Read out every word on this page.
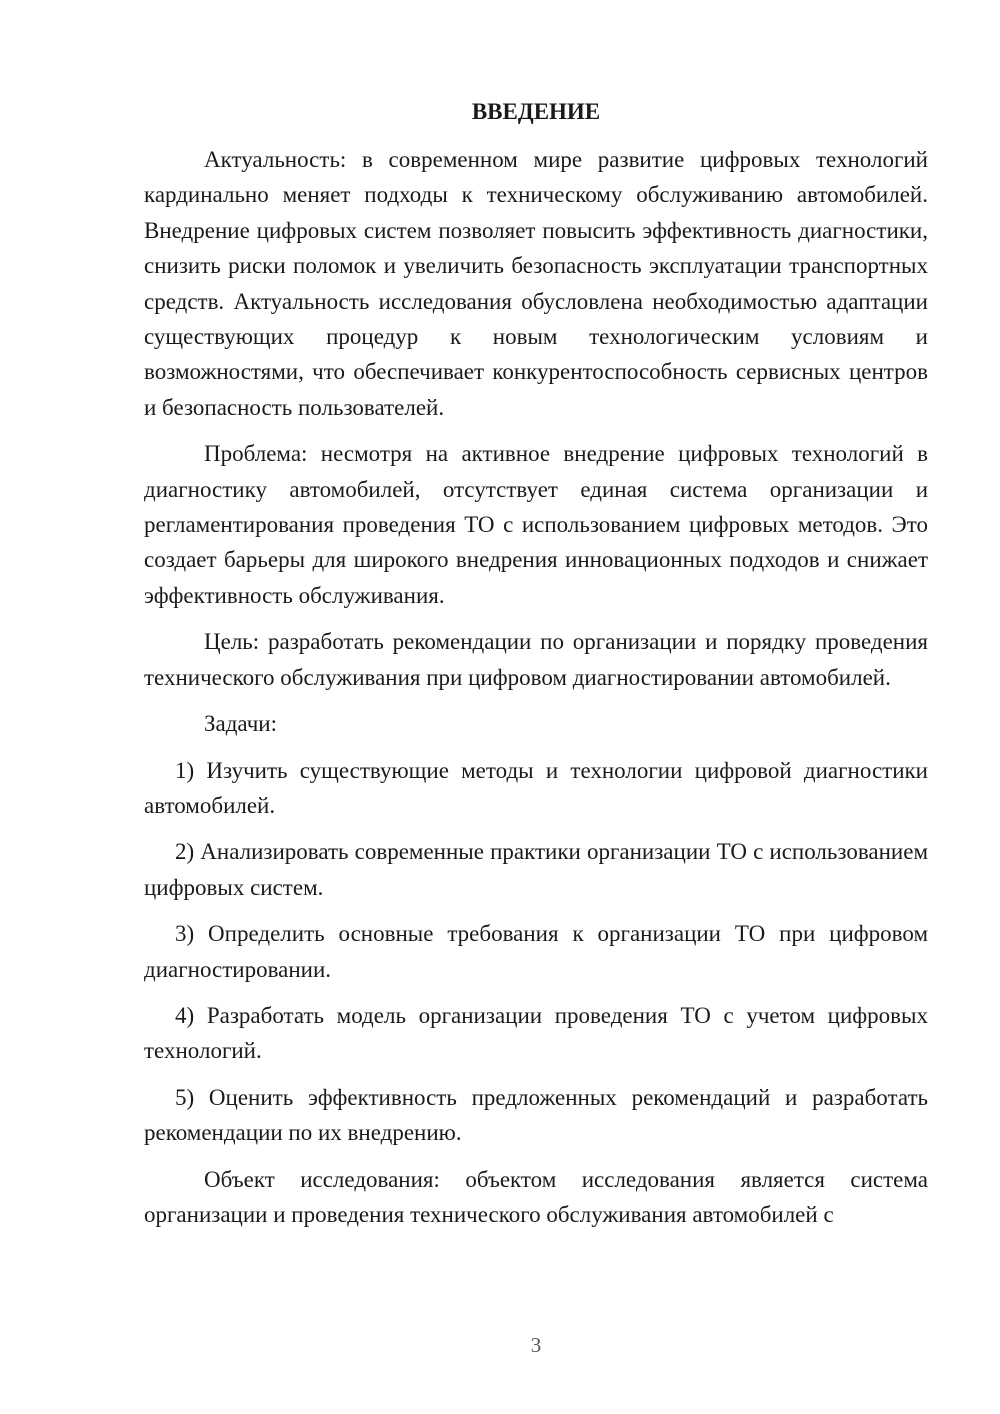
ВВЕДЕНИЕ

Актуальность: в современном мире развитие цифровых технологий кардинально меняет подходы к техническому обслуживанию автомобилей. Внедрение цифровых систем позволяет повысить эффективность диагностики, снизить риски поломок и увеличить безопасность эксплуатации транспортных средств. Актуальность исследования обусловлена необходимостью адаптации существующих процедур к новым технологическим условиям и возможностями, что обеспечивает конкурентоспособность сервисных центров и безопасность пользователей.

Проблема: несмотря на активное внедрение цифровых технологий в диагностику автомобилей, отсутствует единая система организации и регламентирования проведения ТО с использованием цифровых методов. Это создает барьеры для широкого внедрения инновационных подходов и снижает эффективность обслуживания.

Цель: разработать рекомендации по организации и порядку проведения технического обслуживания при цифровом диагностировании автомобилей.

Задачи:

1) Изучить существующие методы и технологии цифровой диагностики автомобилей.

2) Анализировать современные практики организации ТО с использованием цифровых систем.

3) Определить основные требования к организации ТО при цифровом диагностировании.

4) Разработать модель организации проведения ТО с учетом цифровых технологий.

5) Оценить эффективность предложенных рекомендаций и разработать рекомендации по их внедрению.

Объект исследования: объектом исследования является система организации и проведения технического обслуживания автомобилей с

3
